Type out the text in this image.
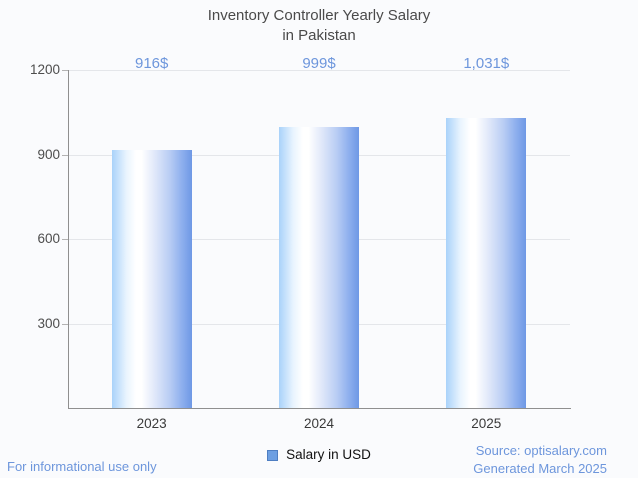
Inventory Controller Yearly Salary
in Pakistan
300
600
900
1200	916$
2023
999$
2024
1,031$
2025
Salary in USD
For informational use only
Source: optisalary.com
Generated March 2025
